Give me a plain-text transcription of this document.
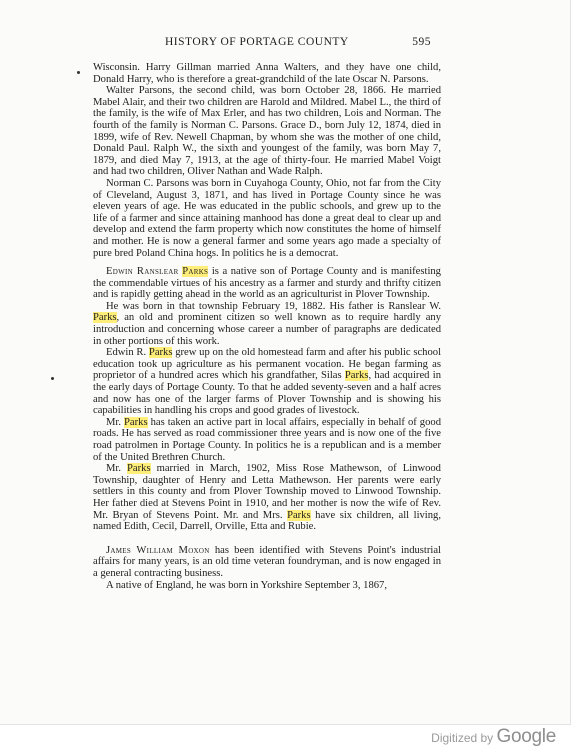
HISTORY OF PORTAGE COUNTY	595

Wisconsin. Harry Gillman married Anna Walters, and they have one child, Donald Harry, who is therefore a great-grandchild of the late Oscar N. Parsons.

Walter Parsons, the second child, was born October 28, 1866. He married Mabel Alair, and their two children are Harold and Mildred. Mabel L., the third of the family, is the wife of Max Erler, and has two children, Lois and Norman. The fourth of the family is Norman C. Parsons. Grace D., born July 12, 1874, died in 1899, wife of Rev. Newell Chapman, by whom she was the mother of one child, Donald Paul. Ralph W., the sixth and youngest of the family, was born May 7, 1879, and died May 7, 1913, at the age of thirty-four. He married Mabel Voigt and had two children, Oliver Nathan and Wade Ralph.

Norman C. Parsons was born in Cuyahoga County, Ohio, not far from the City of Cleveland, August 3, 1871, and has lived in Portage County since he was eleven years of age. He was educated in the public schools, and grew up to the life of a farmer and since attaining manhood has done a great deal to clear up and develop and extend the farm property which now constitutes the home of himself and mother. He is now a general farmer and some years ago made a specialty of pure bred Poland China hogs. In politics he is a democrat.

Edwin Ranslear Parks is a native son of Portage County and is manifesting the commendable virtues of his ancestry as a farmer and sturdy and thrifty citizen and is rapidly getting ahead in the world as an agriculturist in Plover Township.

He was born in that township February 19, 1882. His father is Ranslear W. Parks, an old and prominent citizen so well known as to require hardly any introduction and concerning whose career a number of paragraphs are dedicated in other portions of this work.

Edwin R. Parks grew up on the old homestead farm and after his public school education took up agriculture as his permanent vocation. He began farming as proprietor of a hundred acres which his grandfather, Silas Parks, had acquired in the early days of Portage County. To that he added seventy-seven and a half acres and now has one of the larger farms of Plover Township and is showing his capabilities in handling his crops and good grades of livestock.

Mr. Parks has taken an active part in local affairs, especially in behalf of good roads. He has served as road commissioner three years and is now one of the five road patrolmen in Portage County. In politics he is a republican and is a member of the United Brethren Church.

Mr. Parks married in March, 1902, Miss Rose Mathewson, of Linwood Township, daughter of Henry and Letta Mathewson. Her parents were early settlers in this county and from Plover Township moved to Linwood Township. Her father died at Stevens Point in 1910, and her mother is now the wife of Rev. Mr. Bryan of Stevens Point. Mr. and Mrs. Parks have six children, all living, named Edith, Cecil, Darrell, Orville, Etta and Rubie.

James William Moxon has been identified with Stevens Point's industrial affairs for many years, is an old time veteran foundryman, and is now engaged in a general contracting business.

A native of England, he was born in Yorkshire September 3, 1867,

Digitized by Google
